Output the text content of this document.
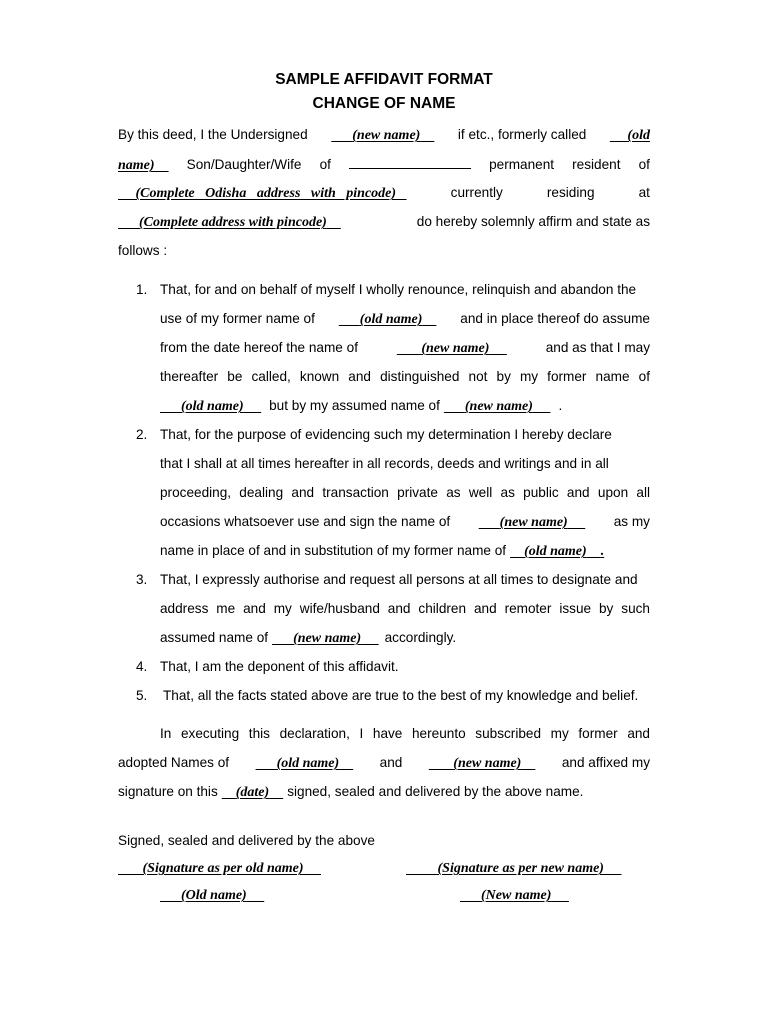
SAMPLE AFFIDAVIT FORMAT
CHANGE OF NAME
By this deed, I the Undersigned	(new name)	if etc., formerly called	(old
name)	Son/Daughter/Wife of	permanent resident of
(Complete   Odisha   address   with   pincode)	currently	residing	at
(Complete address with pincode)	do hereby solemnly affirm and state as
follows :
1. That, for and on behalf of myself I wholly renounce, relinquish and abandon the
use of my former name of	(old name)	and in place thereof do assume
from the date hereof the name of	(new name)	and as that I may
thereafter be called, known and distinguished not by my former name of
(old name)	but by my assumed name of	(new name)	.
2. That, for the purpose of evidencing such my determination I hereby declare
that I shall at all times hereafter in all records, deeds and writings and in all
proceeding, dealing and transaction private as well as public and upon all
occasions whatsoever use and sign the name of	(new name)	as my
name in place of and in substitution of my former name of	(old name)	.
3. That, I expressly authorise and request all persons at all times to designate and
address me and my wife/husband and children and remoter issue by such
assumed name of	(new name)	accordingly.
4. That, I am the deponent of this affidavit.
5. That, all the facts stated above are true to the best of my knowledge and belief.
In executing this declaration, I have hereunto subscribed my former and
adopted Names of	(old name)	and	(new name)	and affixed my
signature on this	(date)	signed, sealed and delivered by the above name.
Signed, sealed and delivered by the above
(Signature as per old name)	(Signature as per new name)
(Old name)	(New name)
